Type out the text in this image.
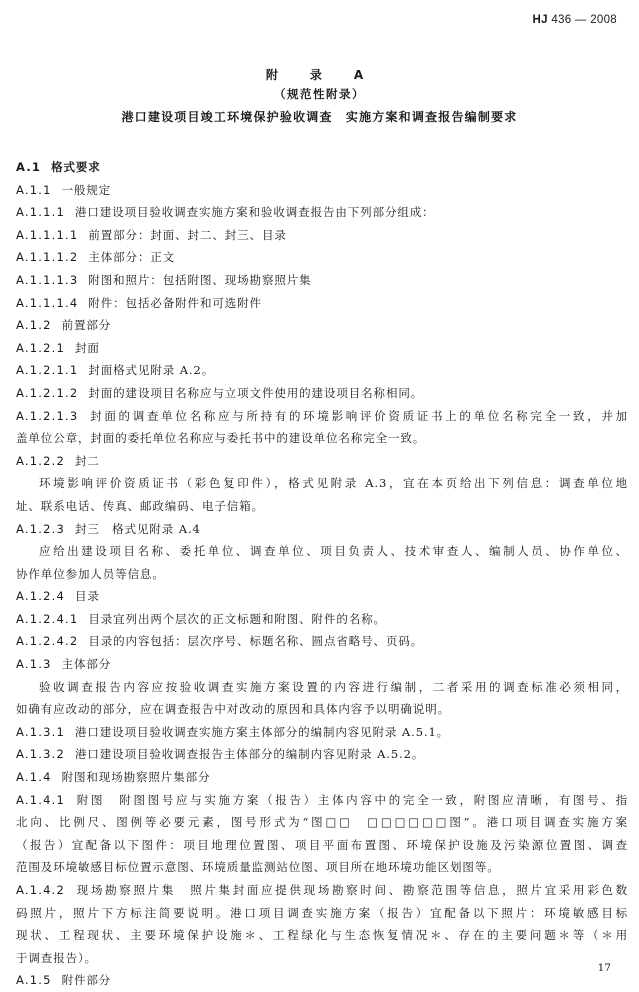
HJ 436 — 2008
附　录　A
（规范性附录）
港口建设项目竣工环境保护验收调查　实施方案和调查报告编制要求
A.1 格式要求
A.1.1 一般规定
A.1.1.1 港口建设项目验收调查实施方案和验收调查报告由下列部分组成：
A.1.1.1.1 前置部分：封面、封二、封三、目录
A.1.1.1.2 主体部分：正文
A.1.1.1.3 附图和照片：包括附图、现场勘察照片集
A.1.1.1.4 附件：包括必备附件和可选附件
A.1.2 前置部分
A.1.2.1 封面
A.1.2.1.1 封面格式见附录 A.2。
A.1.2.1.2 封面的建设项目名称应与立项文件使用的建设项目名称相同。
A.1.2.1.3 封面的调查单位名称应与所持有的环境影响评价资质证书上的单位名称完全一致，并加
盖单位公章，封面的委托单位名称应与委托书中的建设单位名称完全一致。
A.1.2.2 封二
环境影响评价资质证书（彩色复印件），格式见附录 A.3，宜在本页给出下列信息：调查单位地
址、联系电话、传真、邮政编码、电子信箱。
A.1.2.3 封三　格式见附录 A.4
应给出建设项目名称、委托单位、调查单位、项目负责人、技术审查人、编制人员、协作单位、
协作单位参加人员等信息。
A.1.2.4 目录
A.1.2.4.1 目录宜列出两个层次的正文标题和附图、附件的名称。
A.1.2.4.2 目录的内容包括：层次序号、标题名称、圆点省略号、页码。
A.1.3 主体部分
验收调查报告内容应按验收调查实施方案设置的内容进行编制，二者采用的调查标准必须相同，
如确有应改动的部分，应在调查报告中对改动的原因和具体内容予以明确说明。
A.1.3.1 港口建设项目验收调查实施方案主体部分的编制内容见附录 A.5.1。
A.1.3.2 港口建设项目验收调查报告主体部分的编制内容见附录 A.5.2。
A.1.4 附图和现场勘察照片集部分
A.1.4.1 附图　附图图号应与实施方案（报告）主体内容中的完全一致，附图应清晰，有图号、指
北向、比例尺、图例等必要元素，图号形式为“图□□　□□□□□□图”。港口项目调查实施方案
（报告）宜配备以下图件：项目地理位置图、项目平面布置图、环境保护设施及污染源位置图、调查
范围及环境敏感目标位置示意图、环境质量监测站位图、项目所在地环境功能区划图等。
A.1.4.2 现场勘察照片集　照片集封面应提供现场勘察时间、勘察范围等信息，照片宜采用彩色数
码照片，照片下方标注简要说明。港口项目调查实施方案（报告）宜配备以下照片：环境敏感目标
现状、工程现状、主要环境保护设施＊、工程绿化与生态恢复情况＊、存在的主要问题＊等（＊用
于调查报告）。
A.1.5 附件部分
17
